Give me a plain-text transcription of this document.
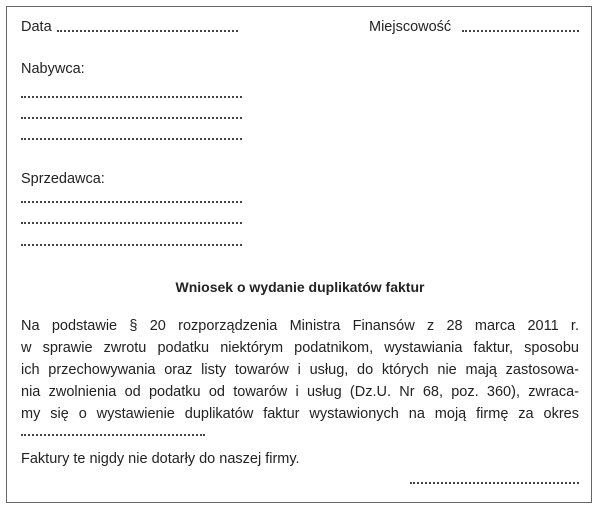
Data	Miejscowość
Nabywca:
Sprzedawca:
Wniosek o wydanie duplikatów faktur
Na podstawie § 20 rozporządzenia Ministra Finansów z 28 marca 2011 r.
w sprawie zwrotu podatku niektórym podatnikom, wystawiania faktur, sposobu
ich przechowywania oraz listy towarów i usług, do których nie mają zastosowa-
nia zwolnienia od podatku od towarów i usług (Dz.U. Nr 68, poz. 360), zwraca-
my się o wystawienie duplikatów faktur wystawionych na moją firmę za okres
Faktury te nigdy nie dotarły do naszej firmy.
